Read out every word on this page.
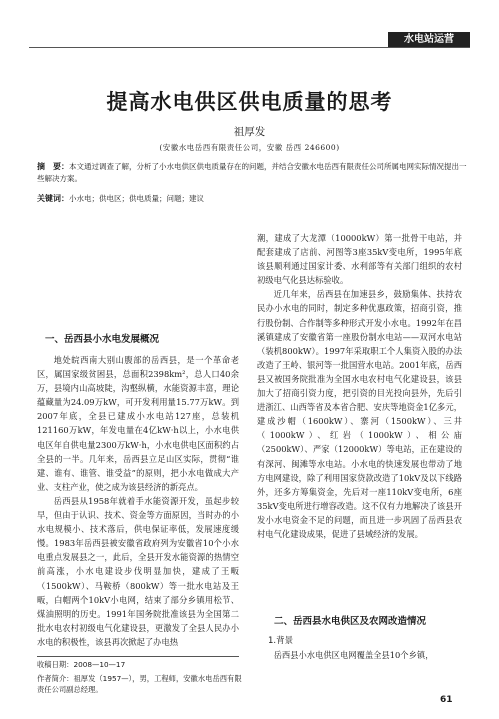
水电站运营
提高水电供区供电质量的思考
祖厚发
(安徽水电岳西有限责任公司，安徽 岳西 246600)
摘　要：本文通过调查了解，分析了小水电供区供电质量存在的问题，并结合安徽水电岳西有限责任公司所属电网实际情况提出一些解决方案。
关键词：小水电；供电区；供电质量；问题；建议
一、岳西县小水电发展概况

地处皖西南大别山腹部的岳西县，是一个革命老区，属国家级贫困县，总面积2398km²，总人口40余万，县境内山高坡陡，沟壑纵横，水能资源丰富，理论蕴藏量为24.09万kW，可开发利用量15.77万kW。到2007年底，全县已建成小水电站127座，总装机121160万kW，年发电量在4亿kW·h以上，小水电供电区年自供电量2300万kW·h，小水电供电区面积约占全县的一半。几年来，岳西县立足山区实际，贯彻“谁建、谁有、谁管、谁受益”的原则，把小水电做成大产业、支柱产业，使之成为该县经济的新亮点。

岳西县从1958年就着手水能资源开发，虽起步较早，但由于认识、技术、资金等方面原因，当时办的小水电规模小、技术落后，供电保证率低，发展速度缓慢。1983年岳西县被安徽省政府列为安徽省10个小水电重点发展县之一，此后，全县开发水能资源的热情空前高涨，小水电建设步伐明显加快，建成了王畈（1500kW）、马鞍桥（800kW）等一批水电站及王畈，白帽两个10kV小电网，结束了部分乡镇用松节、煤油照明的历史。1991年国务院批准该县为全国第二批水电农村初级电气化建设县，更激发了全县人民办小水电的积极性，该县再次掀起了办电热

潮，建成了大龙潭（10000kW）第一批骨干电站，并配套建成了店前、河图等3座35kV变电所，1995年底该县顺利通过国家计委、水利部等有关部门组织的农村初级电气化县达标验收。

近几年来，岳西县在加速县乡，鼓励集体、扶持农民办小水电的同时，制定多种优惠政策，招商引资，推行股份制、合作制等多种形式开发小水电。1992年在昌溪镇建成了安徽省第一座股份制水电站——双河水电站（装机800kW）。1997年采取职工个人集资入股的办法改造了王岭、银河等一批国营水电站。2001年底，岳西县又被国务院批准为全国水电农村电气化建设县，该县加大了招商引资力度，把引资的目光投向县外，先后引进浙江、山西等省及本省合肥、安庆等地资金1亿多元，建成沙帽（1600kW）、寨河（1500kW）、三井（1000kW）、红岩（1000kW）、相公庙（2500kW）、严家（12000kW）等电站，正在建设的有深河、闽滩等水电站。小水电的快速发展也带动了地方电网建设，除了利用国家贷款改造了10kV及以下线路外，还多方筹集资金，先后对一座110kV变电所，6座35kV变电所进行增容改造。这不仅有力地解决了该县开发小水电资金不足的问题，而且进一步巩固了岳西县农村电气化建设成果，促进了县域经济的发展。

二、岳西县水电供区及农网改造情况
1.背景
岳西县小水电供区电网覆盖全县10个乡镇，
收稿日期：2008—10—17
作者简介：祖厚发（1957—），男，工程师，安徽水电岳西有限责任公司副总经理。
61
